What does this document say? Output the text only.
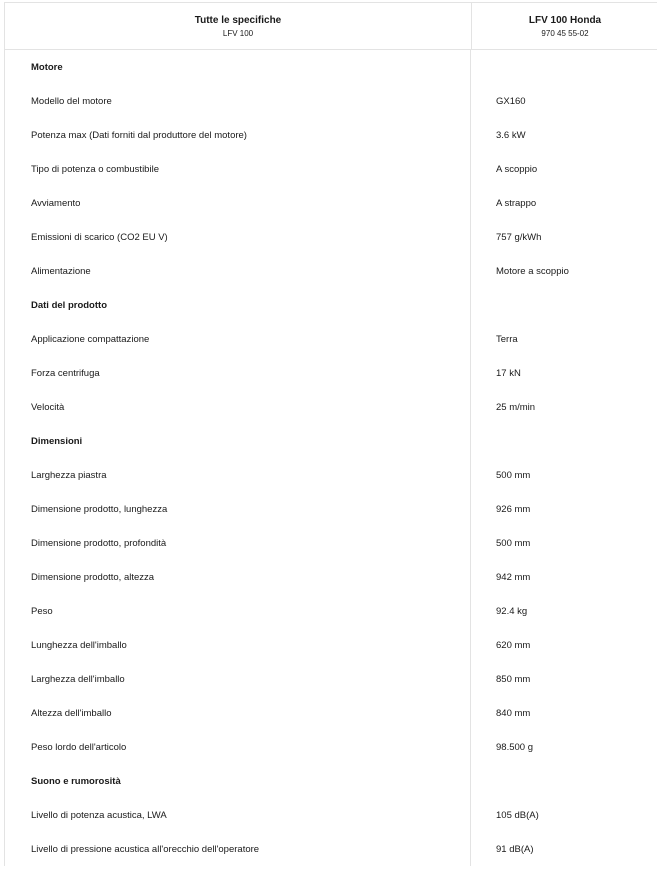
Tutte le specifiche
LFV 100
LFV 100 Honda
970 45 55-02
Motore
Modello del motore	GX160
Potenza max (Dati forniti dal produttore del motore)	3.6 kW
Tipo di potenza o combustibile	A scoppio
Avviamento	A strappo
Emissioni di scarico (CO2 EU V)	757 g/kWh
Alimentazione	Motore a scoppio
Dati del prodotto
Applicazione compattazione	Terra
Forza centrifuga	17 kN
Velocità	25 m/min
Dimensioni
Larghezza piastra	500 mm
Dimensione prodotto, lunghezza	926 mm
Dimensione prodotto, profondità	500 mm
Dimensione prodotto, altezza	942 mm
Peso	92.4 kg
Lunghezza dell'imballo	620 mm
Larghezza dell'imballo	850 mm
Altezza dell'imballo	840 mm
Peso lordo dell'articolo	98.500 g
Suono e rumorosità
Livello di potenza acustica, LWA	105 dB(A)
Livello di pressione acustica all'orecchio dell'operatore	91 dB(A)
